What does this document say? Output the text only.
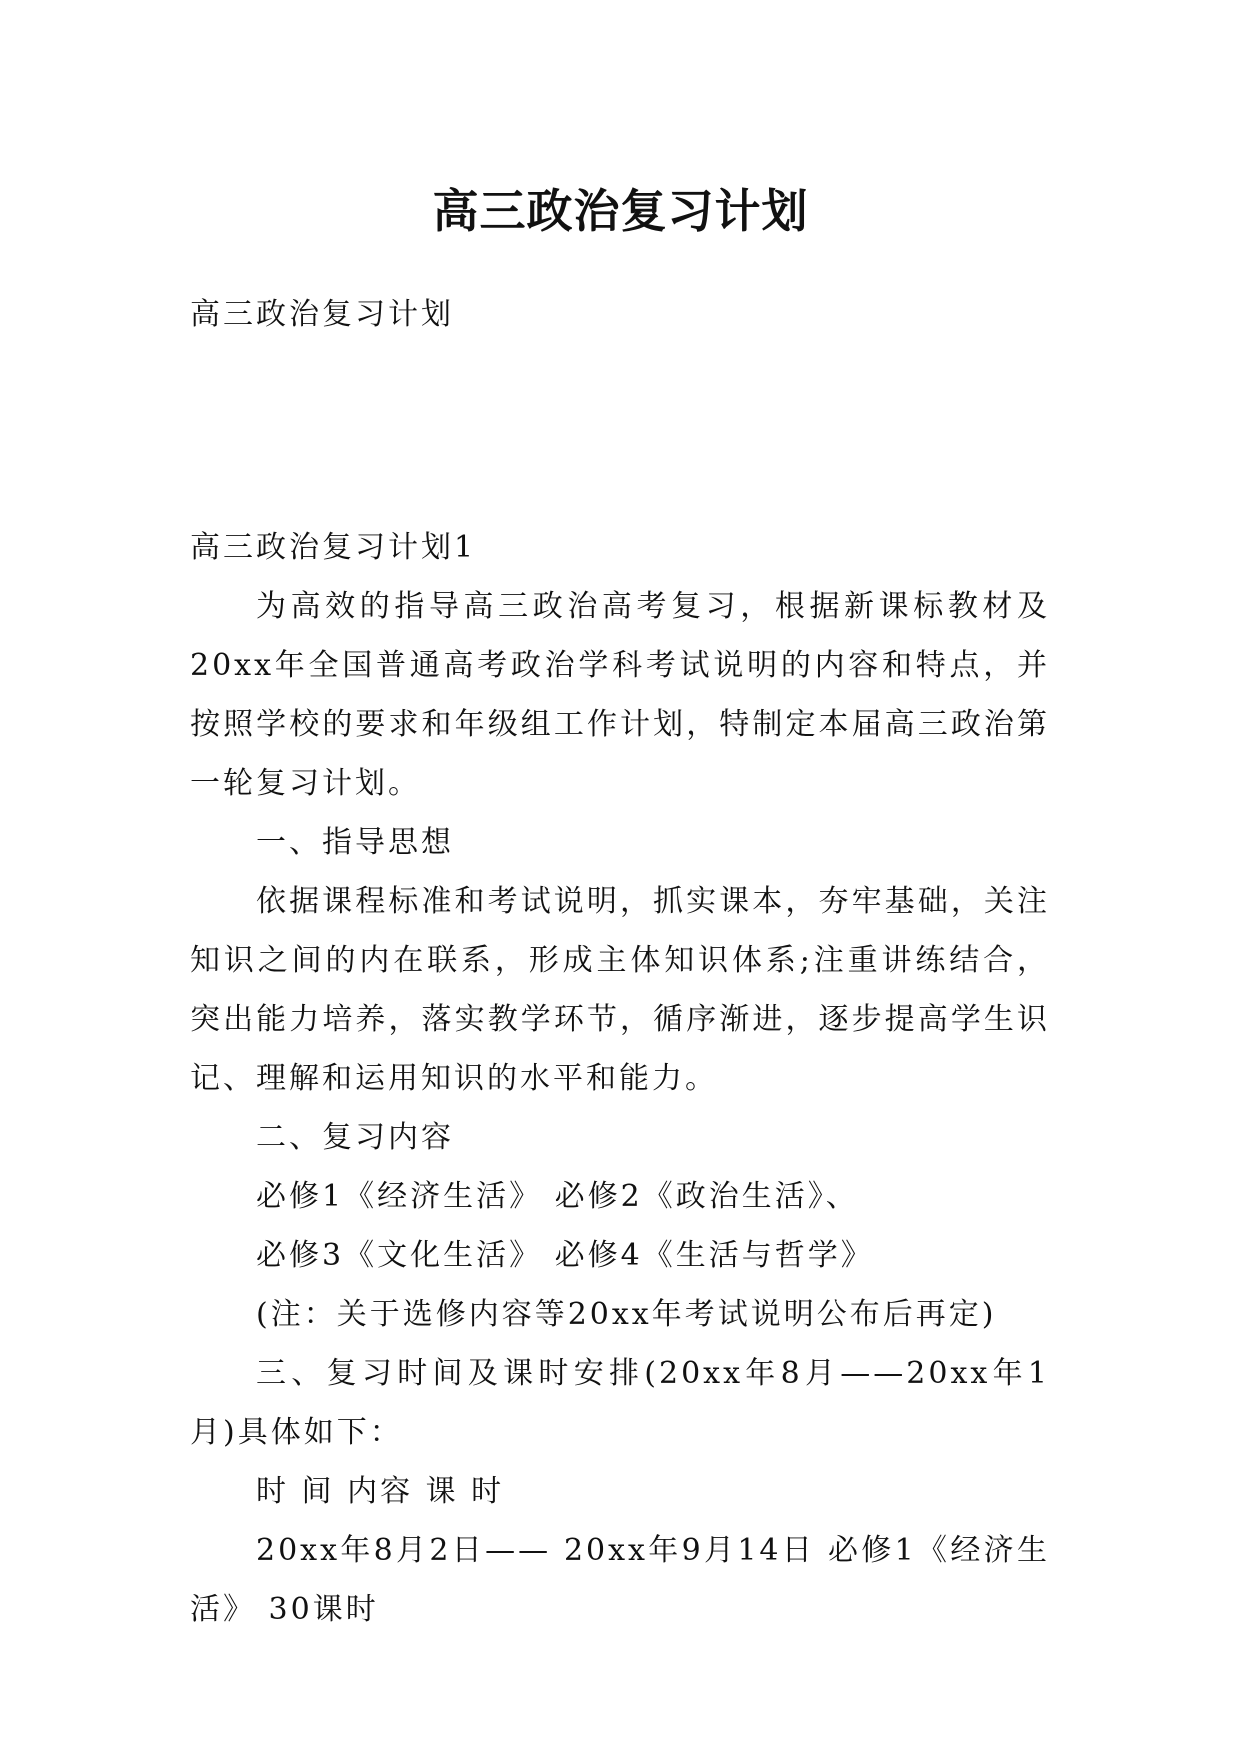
高三政治复习计划

高三政治复习计划

高三政治复习计划1

为高效的指导高三政治高考复习，根据新课标教材及20xx年全国普通高考政治学科考试说明的内容和特点，并按照学校的要求和年级组工作计划，特制定本届高三政治第一轮复习计划。

一、指导思想

依据课程标准和考试说明，抓实课本，夯牢基础，关注知识之间的内在联系，形成主体知识体系;注重讲练结合，突出能力培养，落实教学环节，循序渐进，逐步提高学生识记、理解和运用知识的水平和能力。

二、复习内容

必修1《经济生活》 必修2《政治生活》、

必修3《文化生活》 必修4《生活与哲学》

(注：关于选修内容等20xx年考试说明公布后再定)

三、复习时间及课时安排(20xx年8月——20xx年1月)具体如下：

时 间 内容 课 时

20xx年8月2日—— 20xx年9月14日 必修1《经济生活》 30课时
